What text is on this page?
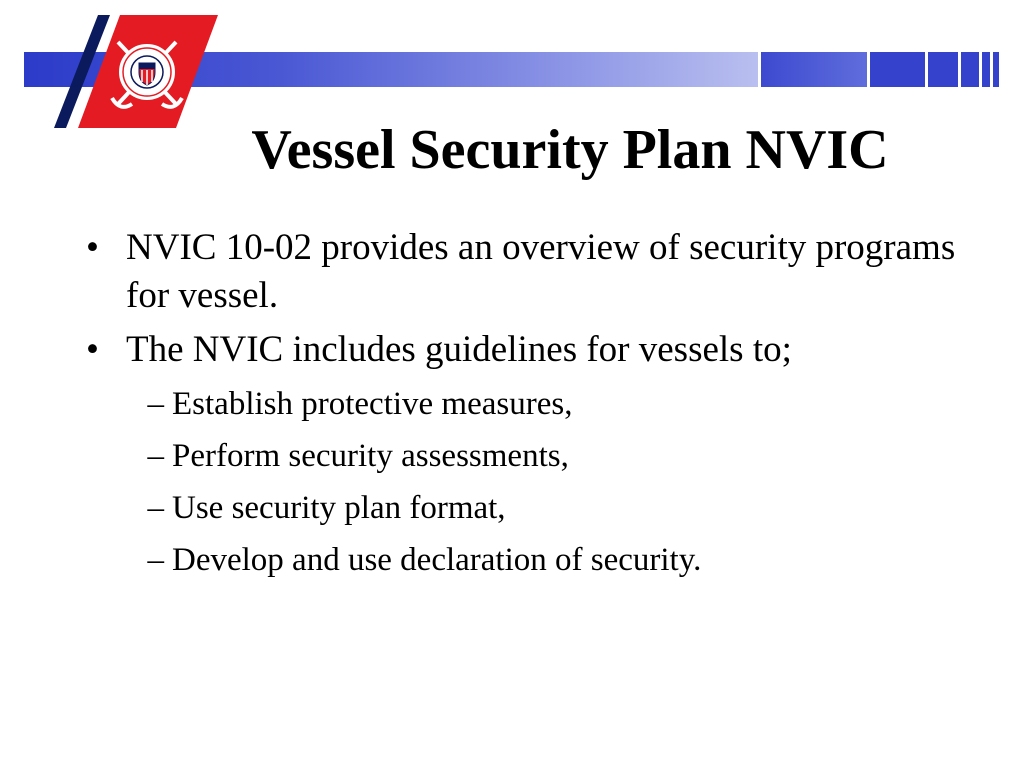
Vessel Security Plan NVIC
• NVIC 10-02 provides an overview of security programs for vessel.
• The NVIC includes guidelines for vessels to;
– Establish protective measures,
– Perform security assessments,
– Use security plan format,
– Develop and use declaration of security.
